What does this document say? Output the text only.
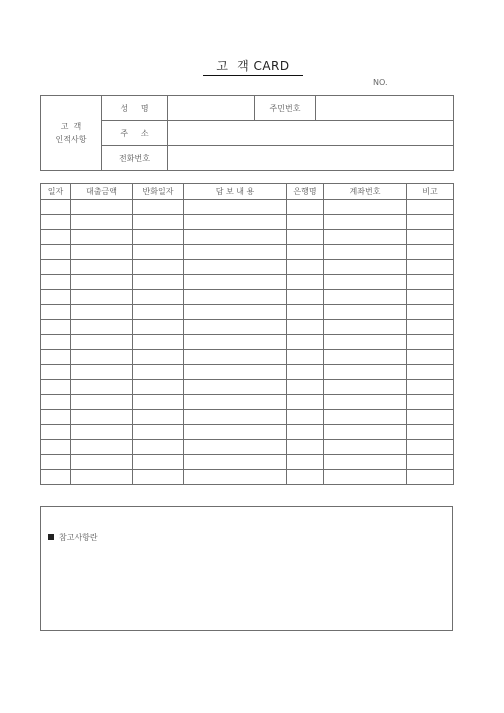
고  객 CARD
NO.
고  객
인적사항	성     명		주민번호	
	주     소			
	전화번호			
일자	대출금액	반화일자	담 보 내 용	은행명	계좌번호	비고

참고사항란
